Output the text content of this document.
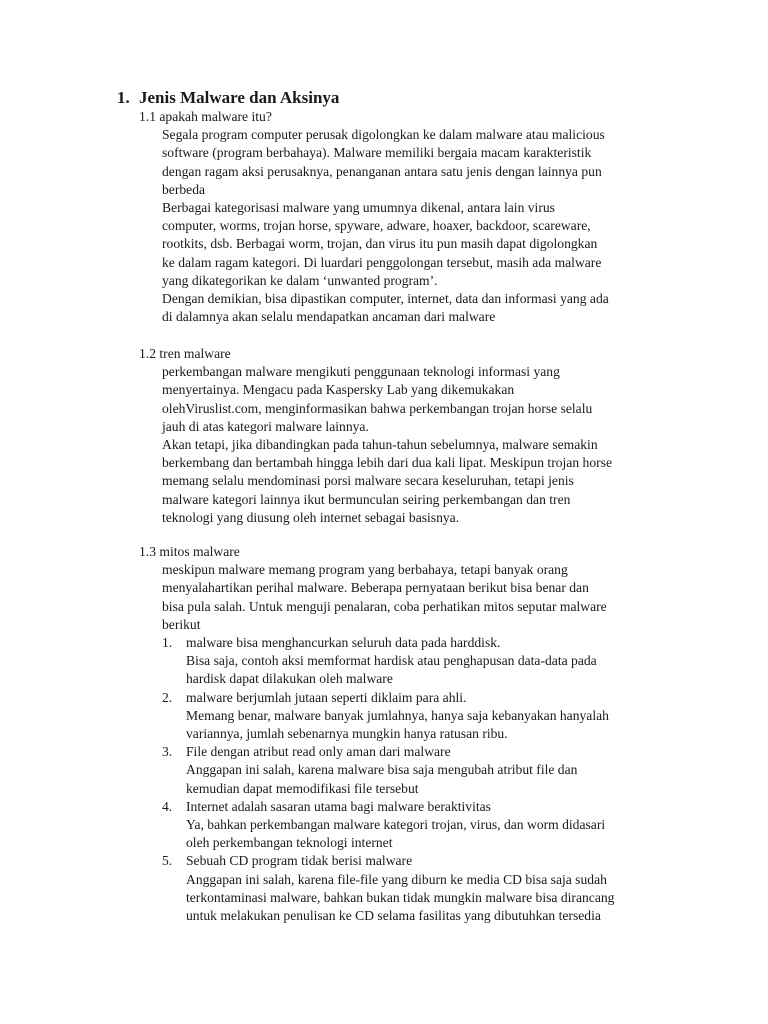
1. Jenis Malware dan Aksinya

1.1 apakah malware itu?

Segala program computer perusak digolongkan ke dalam malware atau malicious
software (program berbahaya). Malware memiliki bergaia macam karakteristik
dengan ragam aksi perusaknya, penanganan antara satu jenis dengan lainnya pun
berbeda

Berbagai kategorisasi malware yang umumnya dikenal, antara lain virus
computer, worms, trojan horse, spyware, adware, hoaxer, backdoor, scareware,
rootkits, dsb. Berbagai worm, trojan, dan virus itu pun masih dapat digolongkan
ke dalam ragam kategori. Di luardari penggolongan tersebut, masih ada malware
yang dikategorikan ke dalam ‘unwanted program’.

Dengan demikian, bisa dipastikan computer, internet, data dan informasi yang ada
di dalamnya akan selalu mendapatkan ancaman dari malware

1.2 tren malware

perkembangan malware mengikuti penggunaan teknologi informasi yang
menyertainya. Mengacu pada Kaspersky Lab yang dikemukakan
olehViruslist.com, menginformasikan bahwa perkembangan trojan horse selalu
jauh di atas kategori malware lainnya.

Akan tetapi, jika dibandingkan pada tahun-tahun sebelumnya, malware semakin
berkembang dan bertambah hingga lebih dari dua kali lipat. Meskipun trojan horse
memang selalu mendominasi porsi malware secara keseluruhan, tetapi jenis
malware kategori lainnya ikut bermunculan seiring perkembangan dan tren
teknologi yang diusung oleh internet sebagai basisnya.

1.3 mitos malware

meskipun malware memang program yang berbahaya, tetapi banyak orang
menyalahartikan perihal malware. Beberapa pernyataan berikut bisa benar dan
bisa pula salah. Untuk menguji penalaran, coba perhatikan mitos seputar malware
berikut

1. malware bisa menghancurkan seluruh data pada harddisk.
Bisa saja, contoh aksi memformat hardisk atau penghapusan data-data pada
hardisk dapat dilakukan oleh malware
2. malware berjumlah jutaan seperti diklaim para ahli.
Memang benar, malware banyak jumlahnya, hanya saja kebanyakan hanyalah
variannya, jumlah sebenarnya mungkin hanya ratusan ribu.
3. File dengan atribut read only aman dari malware
Anggapan ini salah, karena malware bisa saja mengubah atribut file dan
kemudian dapat memodifikasi file tersebut
4. Internet adalah sasaran utama bagi malware beraktivitas
Ya, bahkan perkembangan malware kategori trojan, virus, dan worm didasari
oleh perkembangan teknologi internet
5. Sebuah CD program tidak berisi malware
Anggapan ini salah, karena file-file yang diburn ke media CD bisa saja sudah
terkontaminasi malware, bahkan bukan tidak mungkin malware bisa dirancang
untuk melakukan penulisan ke CD selama fasilitas yang dibutuhkan tersedia
